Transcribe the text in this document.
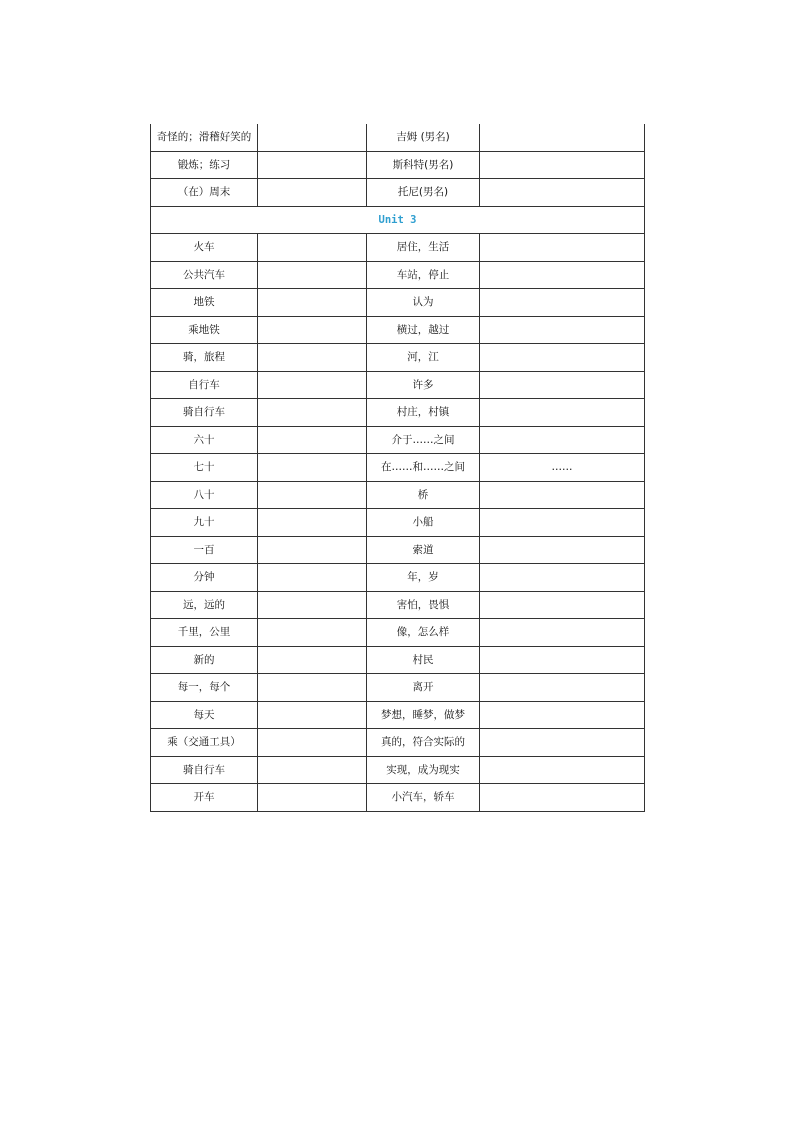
奇怪的；滑稽好笑的		吉姆 (男名)	
锻炼；练习		斯科特(男名)	
（在）周末		托尼(男名)	
Unit 3			
火车		居住，生活	
公共汽车		车站，停止	
地铁		认为	
乘地铁		横过，越过	
骑，旅程		河，江	
自行车		许多	
骑自行车		村庄，村镇	
六十		介于……之间	
七十		在……和……之间	……
八十		桥	
九十		小船	
一百		索道	
分钟		年，岁	
远，远的		害怕，畏惧	
千里，公里		像，怎么样	
新的		村民	
每一，每个		离开	
每天		梦想，睡梦，做梦	
乘（交通工具）		真的，符合实际的	
骑自行车		实现，成为现实	
开车		小汽车，轿车	
